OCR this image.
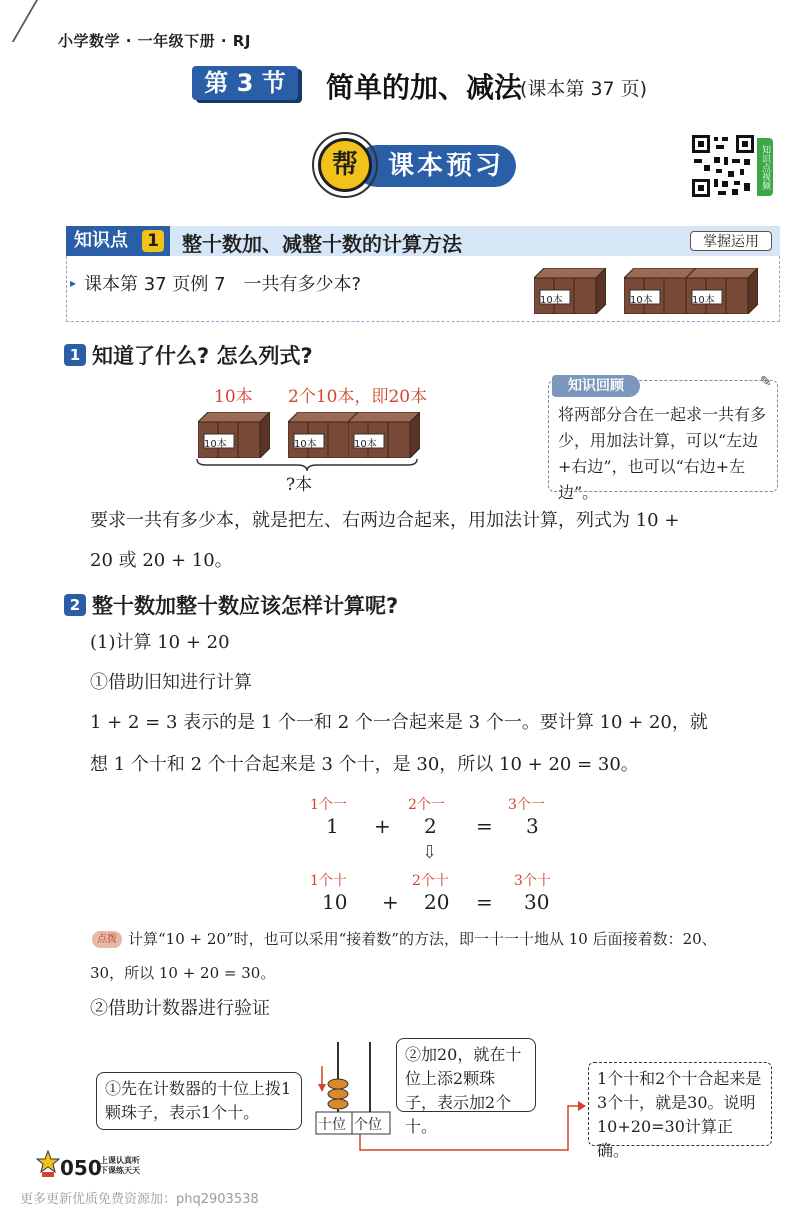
小学数学 · 一年级下册 · RJ
第 3 节	简单的加、减法
(课本第 37 页)
课本预习
帮	知识点视频
知识点	1 整十数加、减整十数的计算方法	掌握运用
▸ 课本第 37 页例 7　一共有多少本?
10本	10本	10本
1 知道了什么? 怎么列式?
10本 2个10本，即20本
10本	10本	10本
?本
知识回顾	✎
将两部分合在一起求一共有多少，用加法计算，可以“左边+右边”，也可以“右边+左边”。
要求一共有多少本，就是把左、右两边合起来，用加法计算，列式为 10 +
20 或 20 + 10。
2 整十数加整十数应该怎样计算呢?
(1)计算 10 + 20
①借助旧知进行计算
1 + 2 = 3 表示的是 1 个一和 2 个一合起来是 3 个一。要计算 10 + 20，就
想 1 个十和 2 个十合起来是 3 个十，是 30，所以 10 + 20 = 30。
1个一	2个一	3个一
1 + 2 = 3
⇩
1个十	2个十	3个十
10 + 20 = 30
点拨 计算“10 + 20”时，也可以采用“接着数”的方法，即一十一十地从 10 后面接着数：20、
30，所以 10 + 20 = 30。
②借助计数器进行验证
①先在计数器的十位上拨1颗珠子，表示1个十。
②加20，就在十位上添2颗珠子，表示加2个十。
十位 个位
1个十和2个十合起来是3个十，就是30。说明10+20=30计算正确。
050
上课认真听
下课练天天
更多更新优质免费资源加：phq2903538
